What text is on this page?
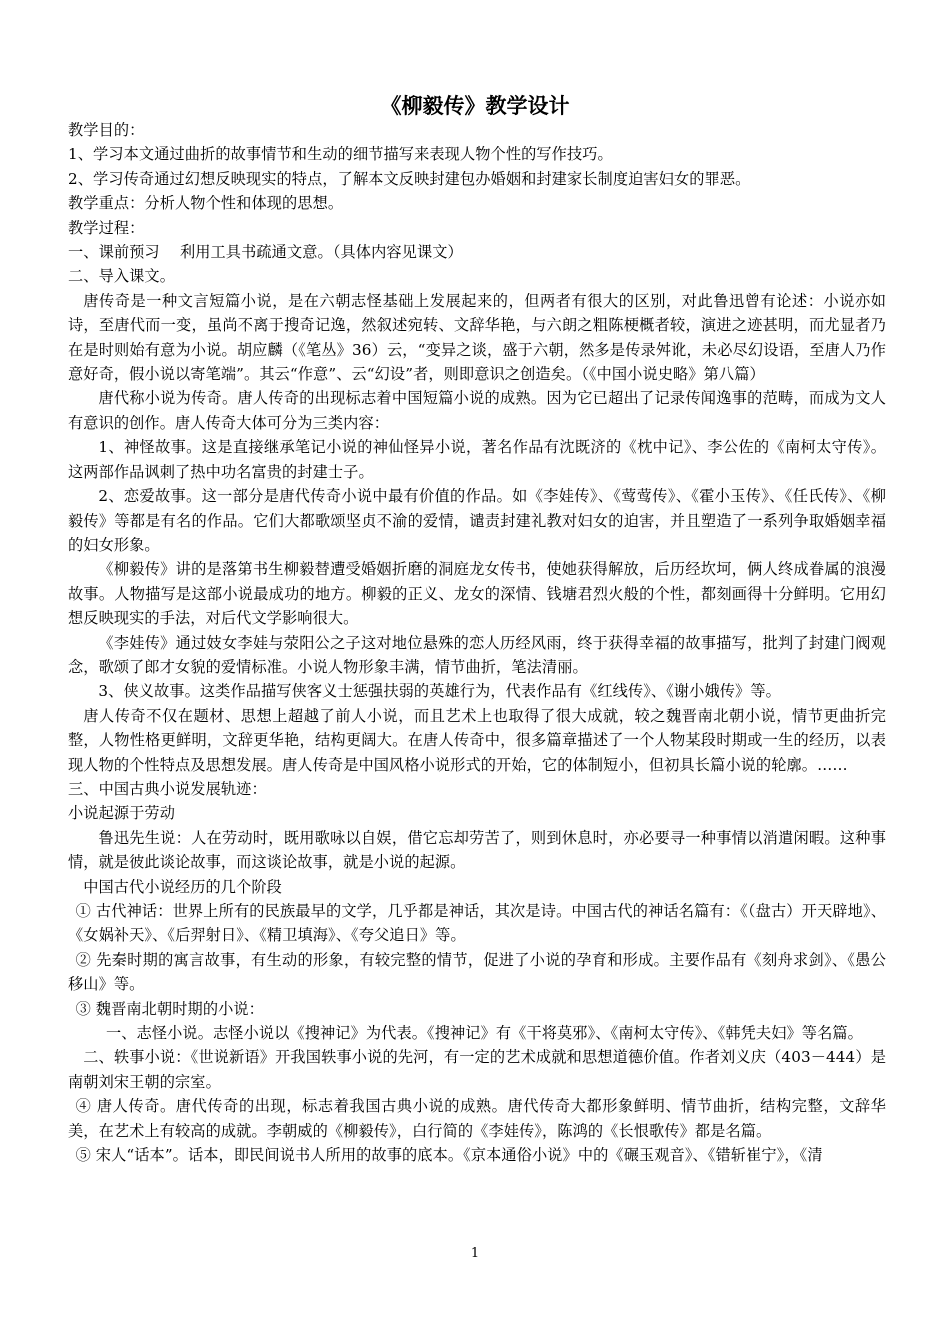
《柳毅传》教学设计

教学目的：

1、学习本文通过曲折的故事情节和生动的细节描写来表现人物个性的写作技巧。

2、学习传奇通过幻想反映现实的特点，了解本文反映封建包办婚姻和封建家长制度迫害妇女的罪恶。

教学重点：分析人物个性和体现的思想。

教学过程：

一、课前预习　 利用工具书疏通文意。（具体内容见课文）

二、导入课文。

唐传奇是一种文言短篇小说，是在六朝志怪基础上发展起来的，但两者有很大的区别，对此鲁迅曾有论述：小说亦如诗，至唐代而一变，虽尚不离于搜奇记逸，然叙述宛转、文辞华艳，与六朗之粗陈梗概者较，演进之迹甚明，而尤显者乃在是时则始有意为小说。胡应麟（《笔丛》36）云，“变异之谈，盛于六朝，然多是传录舛讹，未必尽幻设语，至唐人乃作意好奇，假小说以寄笔端”。其云“作意”、云“幻设”者，则即意识之创造矣。（《中国小说史略》第八篇）

唐代称小说为传奇。唐人传奇的出现标志着中国短篇小说的成熟。因为它已超出了记录传闻逸事的范畴，而成为文人有意识的创作。唐人传奇大体可分为三类内容：

1、神怪故事。这是直接继承笔记小说的神仙怪异小说，著名作品有沈既济的《枕中记》、李公佐的《南柯太守传》。这两部作品讽刺了热中功名富贵的封建士子。

2、恋爱故事。这一部分是唐代传奇小说中最有价值的作品。如《李娃传》、《莺莺传》、《霍小玉传》、《任氏传》、《柳毅传》等都是有名的作品。它们大都歌颂坚贞不渝的爱情，谴责封建礼教对妇女的迫害，并且塑造了一系列争取婚姻幸福的妇女形象。

《柳毅传》讲的是落第书生柳毅替遭受婚姻折磨的洞庭龙女传书，使她获得解放，后历经坎坷，俩人终成眷属的浪漫故事。人物描写是这部小说最成功的地方。柳毅的正义、龙女的深情、钱塘君烈火般的个性，都刻画得十分鲜明。它用幻想反映现实的手法，对后代文学影响很大。

《李娃传》通过妓女李娃与荥阳公之子这对地位悬殊的恋人历经风雨，终于获得幸福的故事描写，批判了封建门阀观念，歌颂了郎才女貌的爱情标准。小说人物形象丰满，情节曲折，笔法清丽。

3、侠义故事。这类作品描写侠客义士惩强扶弱的英雄行为，代表作品有《红线传》、《谢小娥传》等。

唐人传奇不仅在题材、思想上超越了前人小说，而且艺术上也取得了很大成就，较之魏晋南北朝小说，情节更曲折完整，人物性格更鲜明，文辞更华艳，结构更阔大。在唐人传奇中，很多篇章描述了一个人物某段时期或一生的经历，以表现人物的个性特点及思想发展。唐人传奇是中国风格小说形式的开始，它的体制短小，但初具长篇小说的轮廓。……

三、中国古典小说发展轨迹：

小说起源于劳动

鲁迅先生说：人在劳动时，既用歌咏以自娱，借它忘却劳苦了，则到休息时，亦必要寻一种事情以消遣闲暇。这种事情，就是彼此谈论故事，而这谈论故事，就是小说的起源。

中国古代小说经历的几个阶段

① 古代神话：世界上所有的民族最早的文学，几乎都是神话，其次是诗。中国古代的神话名篇有：《（盘古）开天辟地》、《女娲补天》、《后羿射日》、《精卫填海》、《夸父追日》等。

② 先秦时期的寓言故事，有生动的形象，有较完整的情节，促进了小说的孕育和形成。主要作品有《刻舟求剑》、《愚公移山》等。

③ 魏晋南北朝时期的小说：

一、志怪小说。志怪小说以《搜神记》为代表。《搜神记》有《干将莫邪》、《南柯太守传》、《韩凭夫妇》等名篇。

二、轶事小说：《世说新语》开我国轶事小说的先河，有一定的艺术成就和思想道德价值。作者刘义庆（403－444）是南朝刘宋王朝的宗室。

④ 唐人传奇。唐代传奇的出现，标志着我国古典小说的成熟。唐代传奇大都形象鲜明、情节曲折，结构完整，文辞华美，在艺术上有较高的成就。李朝威的《柳毅传》，白行简的《李娃传》，陈鸿的《长恨歌传》都是名篇。

⑤ 宋人“话本”。话本，即民间说书人所用的故事的底本。《京本通俗小说》中的《碾玉观音》、《错斩崔宁》，《清

1
